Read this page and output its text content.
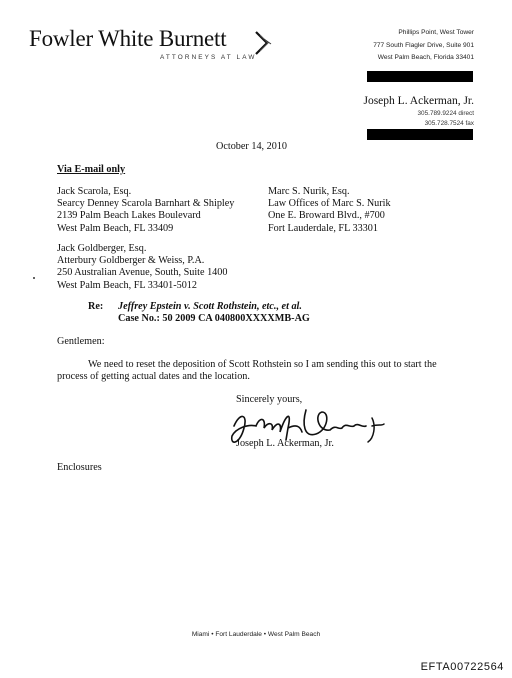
Fowler White Burnett
ATTORNEYS AT LAW
Phillips Point, West Tower
777 South Flagler Drive, Suite 901
West Palm Beach, Florida 33401
Joseph L. Ackerman, Jr.
305.789.9224 direct
305.728.7524 fax
October 14, 2010
Via E-mail only
Jack Scarola, Esq.
Searcy Denney Scarola Barnhart & Shipley
2139 Palm Beach Lakes Boulevard
West Palm Beach, FL 33409
Marc S. Nurik, Esq.
Law Offices of Marc S. Nurik
One E. Broward Blvd., #700
Fort Lauderdale, FL 33301
Jack Goldberger, Esq.
Atterbury Goldberger & Weiss, P.A.
250 Australian Avenue, South, Suite 1400
West Palm Beach, FL 33401-5012
Re: Jeffrey Epstein v. Scott Rothstein, etc., et al.
Case No.: 50 2009 CA 040800XXXXMB-AG
Gentlemen:
We need to reset the deposition of Scott Rothstein so I am sending this out to start the
process of getting actual dates and the location.
Sincerely yours,
Joseph L. Ackerman, Jr.
Enclosures
Miami • Fort Lauderdale • West Palm Beach
EFTA00722564
